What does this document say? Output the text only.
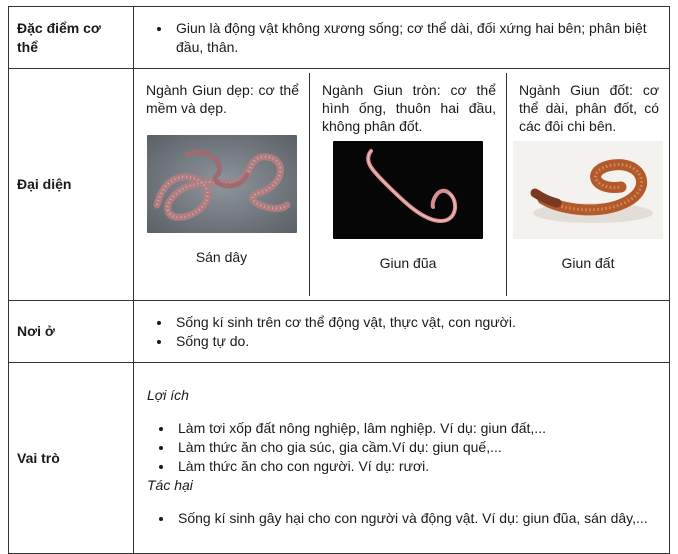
Đặc điểm cơ thể	
• Giun là động vật không xương sống; cơ thể dài, đối xứng hai bên; phân biệt đầu, thân.

Đại diện	
Ngành Giun dẹp: cơ thể mềm và dẹp.
Sán dây

Ngành Giun tròn: cơ thể hình ống, thuôn hai đầu, không phân đốt.
Giun đũa

Ngành Giun đốt: cơ thể dài, phân đốt, có các đôi chi bên.
Giun đất

Nơi ở	
• Sống kí sinh trên cơ thể động vật, thực vật, con người.
• Sống tự do.

Vai trò	
Lợi ích
• Làm tơi xốp đất nông nghiệp, lâm nghiệp. Ví dụ: giun đất,...
• Làm thức ăn cho gia súc, gia cầm.Ví dụ: giun quế,...
• Làm thức ăn cho con người. Ví dụ: rươi.
Tác hại
• Sống kí sinh gây hại cho con người và động vật. Ví dụ: giun đũa, sán dây,...
